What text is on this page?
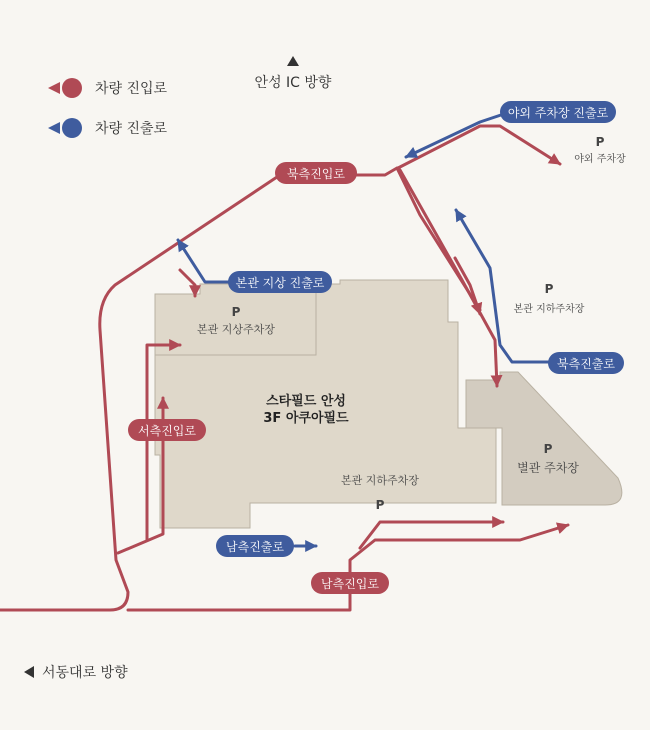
차량 진입로
차량 진출로
안성 IC 방향
서동대로 방향
북측진입로
서측진입로
남측진입로
북측진출로
남측진출로
본관 지상 진출로
야외 주차장 진출로
P
본관 지상주차장
P
본관 지하주차장
P
본관 지하주차장
P
별관 주차장
P
야외 주차장
스타필드 안성
3F 아쿠아필드
